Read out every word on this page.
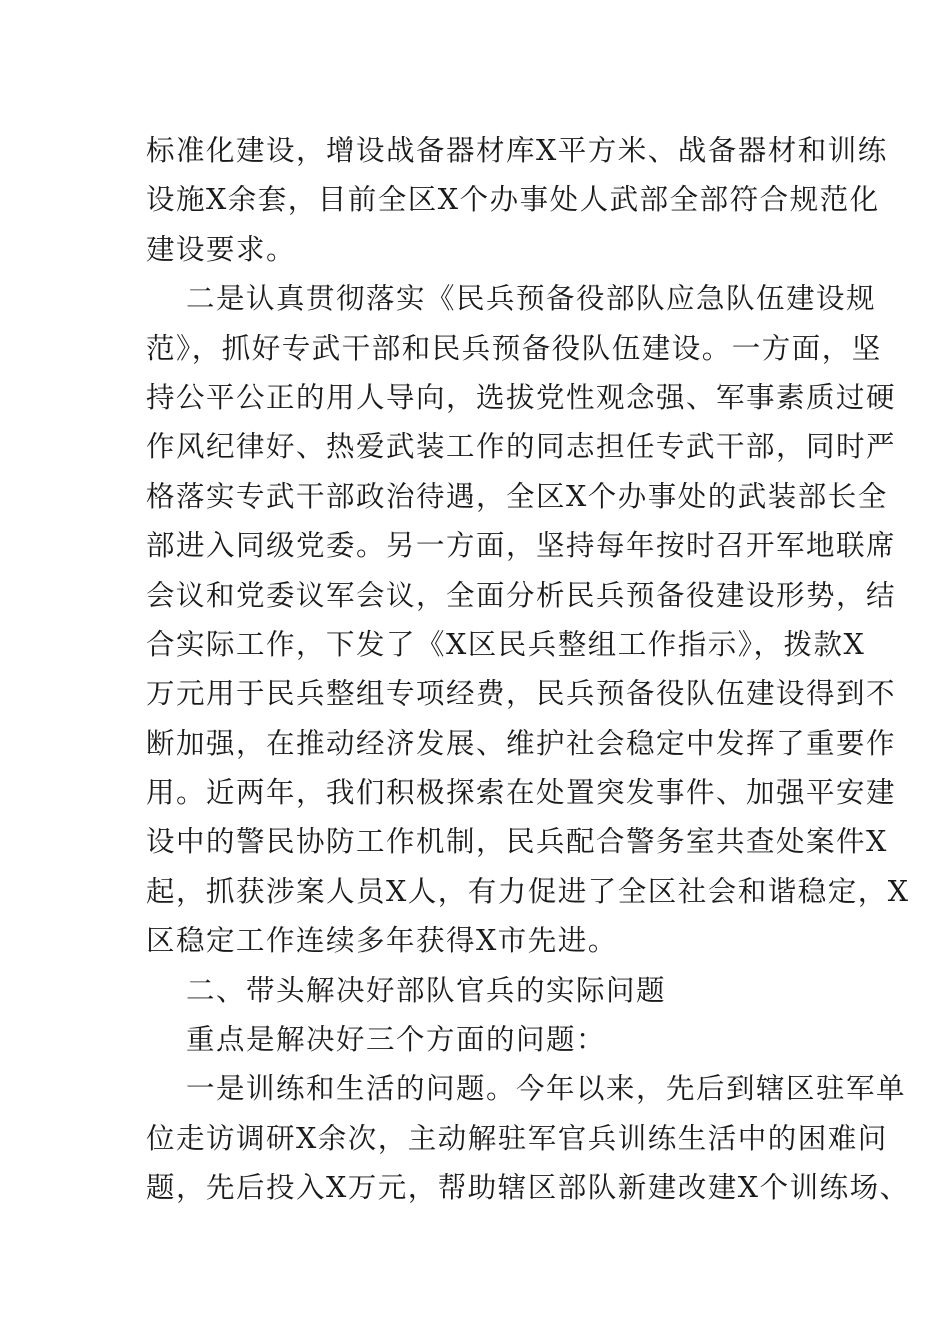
标准化建设，增设战备器材库X平方米、战备器材和训练
设施X余套，目前全区X个办事处人武部全部符合规范化
建设要求。
二是认真贯彻落实《民兵预备役部队应急队伍建设规
范》，抓好专武干部和民兵预备役队伍建设。一方面，坚
持公平公正的用人导向，选拔党性观念强、军事素质过硬
作风纪律好、热爱武装工作的同志担任专武干部，同时严
格落实专武干部政治待遇，全区X个办事处的武装部长全
部进入同级党委。另一方面，坚持每年按时召开军地联席
会议和党委议军会议，全面分析民兵预备役建设形势，结
合实际工作，下发了《X区民兵整组工作指示》，拨款X
万元用于民兵整组专项经费，民兵预备役队伍建设得到不
断加强，在推动经济发展、维护社会稳定中发挥了重要作
用。近两年，我们积极探索在处置突发事件、加强平安建
设中的警民协防工作机制，民兵配合警务室共查处案件X
起，抓获涉案人员X人，有力促进了全区社会和谐稳定，X
区稳定工作连续多年获得X市先进。
二、带头解决好部队官兵的实际问题
重点是解决好三个方面的问题：
一是训练和生活的问题。今年以来，先后到辖区驻军单
位走访调研X余次，主动解驻军官兵训练生活中的困难问
题，先后投入X万元，帮助辖区部队新建改建X个训练场、
